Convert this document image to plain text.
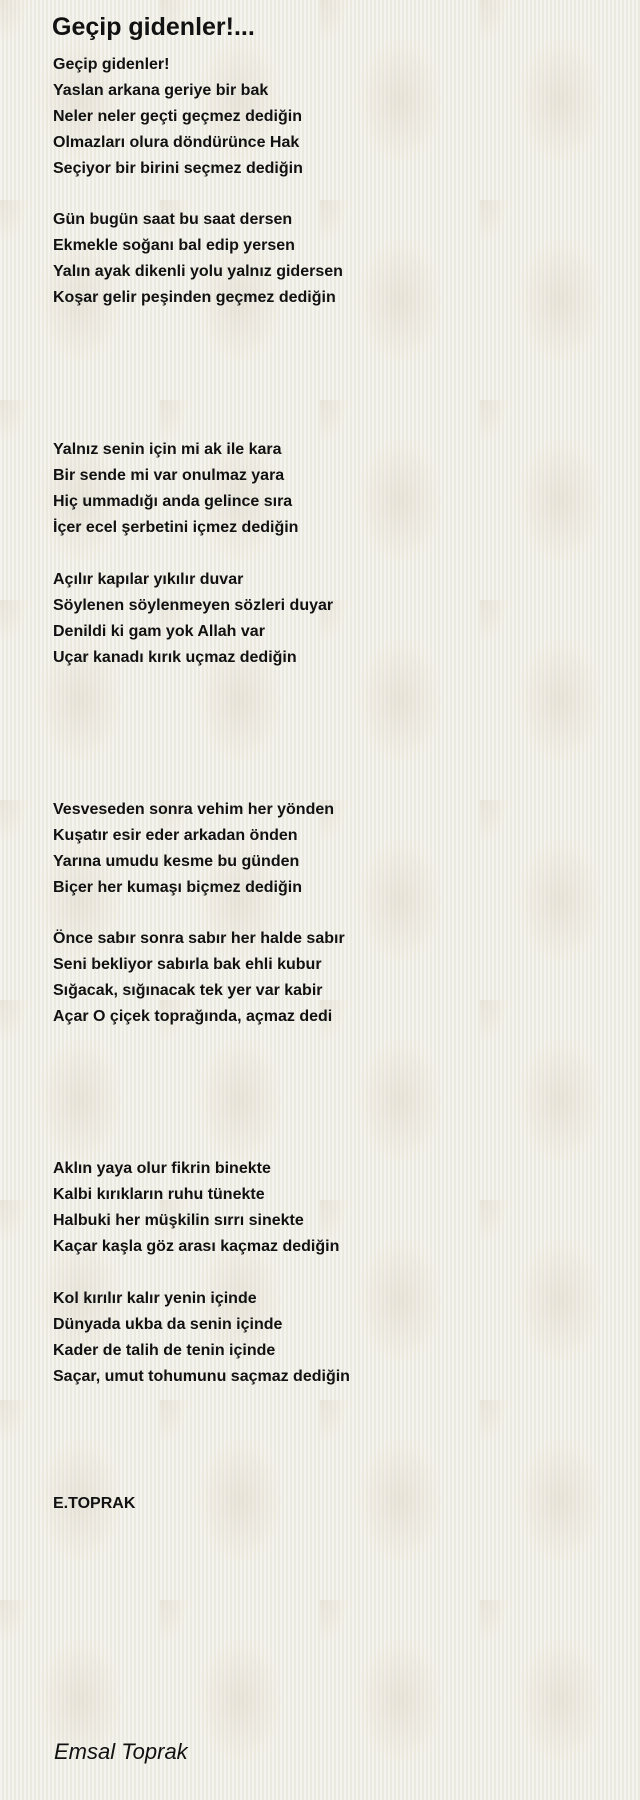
Geçip gidenler!...
Geçip gidenler!
Yaslan arkana geriye bir bak
Neler neler geçti geçmez dediğin
Olmazları olura döndürünce Hak
Seçiyor bir birini seçmez dediğin
Gün bugün saat bu saat dersen
Ekmekle soğanı bal edip yersen
Yalın ayak dikenli yolu yalnız gidersen
Koşar gelir peşinden geçmez dediğin
Yalnız senin için mi ak ile kara
Bir sende mi var onulmaz yara
Hiç ummadığı anda gelince sıra
İçer ecel şerbetini içmez dediğin
Açılır kapılar yıkılır duvar
Söylenen söylenmeyen sözleri duyar
Denildi ki gam yok Allah var
Uçar kanadı kırık uçmaz dediğin
Vesveseden sonra vehim her yönden
Kuşatır esir eder arkadan önden
Yarına umudu kesme bu günden
Biçer her kumaşı biçmez dediğin
Önce sabır sonra sabır her halde sabır
Seni bekliyor sabırla bak ehli kubur
Sığacak, sığınacak tek yer var kabir
Açar O çiçek toprağında, açmaz dedi
Aklın yaya olur fikrin binekte
Kalbi kırıkların ruhu tünekte
Halbuki her müşkilin sırrı sinekte
Kaçar kaşla göz arası kaçmaz dediğin
Kol kırılır kalır yenin içinde
Dünyada ukba da senin içinde
Kader de talih de tenin içinde
Saçar, umut tohumunu saçmaz dediğin

E.TOPRAK

Emsal Toprak
